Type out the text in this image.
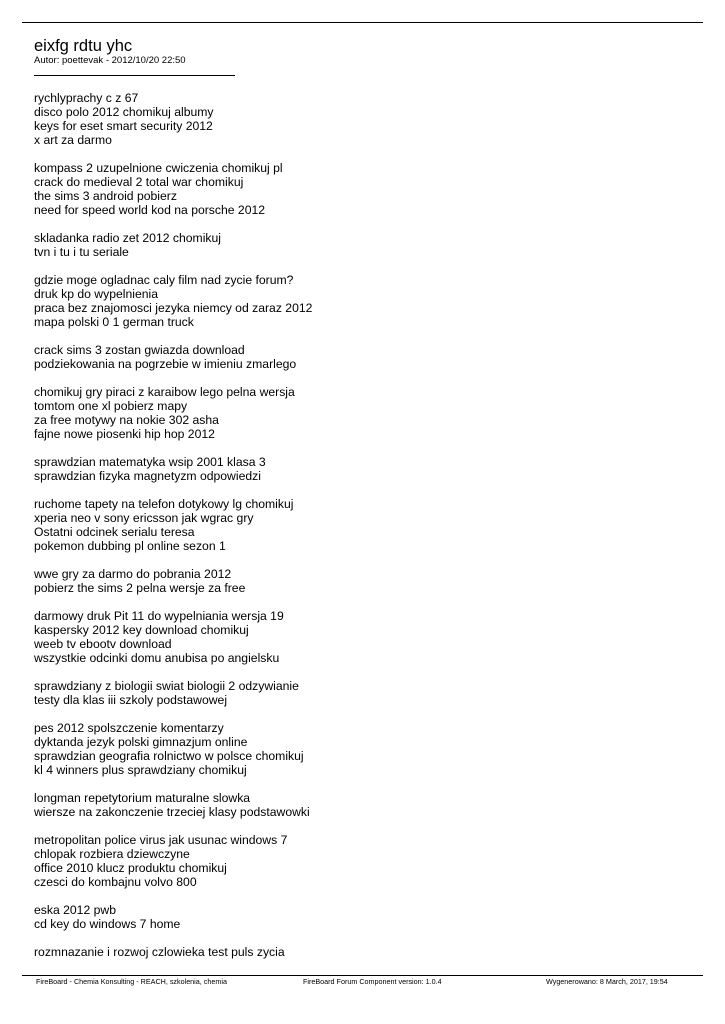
eixfg rdtu yhc
Autor: poettevak - 2012/10/20 22:50
rychlyprachy c z 67
disco polo 2012 chomikuj albumy
keys for eset smart security 2012
x art za darmo
kompass 2 uzupelnione cwiczenia chomikuj pl
crack do medieval 2 total war chomikuj
the sims 3 android pobierz
need for speed world kod na porsche 2012
skladanka radio zet 2012 chomikuj
tvn i tu i tu seriale
gdzie moge ogladnac caly film nad zycie forum?
druk kp do wypelnienia
praca bez znajomosci jezyka niemcy od zaraz 2012
mapa polski 0 1 german truck
crack sims 3 zostan gwiazda download
podziekowania na pogrzebie w imieniu zmarlego
chomikuj gry piraci z karaibow lego pelna wersja
tomtom one xl pobierz mapy
za free motywy na nokie 302 asha
fajne nowe piosenki hip hop 2012
sprawdzian matematyka wsip 2001 klasa 3
sprawdzian fizyka magnetyzm odpowiedzi
ruchome tapety na telefon dotykowy lg chomikuj
xperia neo v sony ericsson jak wgrac gry
Ostatni odcinek serialu teresa
pokemon dubbing pl online sezon 1
wwe gry za darmo do pobrania 2012
pobierz the sims 2 pelna wersje za free
darmowy druk Pit 11 do wypelniania wersja 19
kaspersky 2012 key download chomikuj
weeb tv ebootv download
wszystkie odcinki domu anubisa po angielsku
sprawdziany z biologii swiat biologii 2 odzywianie
testy dla klas iii szkoly podstawowej
pes 2012 spolszczenie komentarzy
dyktanda jezyk polski gimnazjum online
sprawdzian geografia rolnictwo w polsce chomikuj
kl 4 winners plus sprawdziany chomikuj
longman repetytorium maturalne slowka
wiersze na zakonczenie trzeciej klasy podstawowki
metropolitan police virus jak usunac windows 7
chlopak rozbiera dziewczyne
office 2010 klucz produktu chomikuj
czesci do kombajnu volvo 800
eska 2012 pwb
cd key do windows 7 home
rozmnazanie i rozwoj czlowieka test puls zycia
FireBoard - Chemia Konsulting - REACH, szkolenia, chemia	FireBoard Forum Component version: 1.0.4	Wygenerowano: 8 March, 2017, 19:54
